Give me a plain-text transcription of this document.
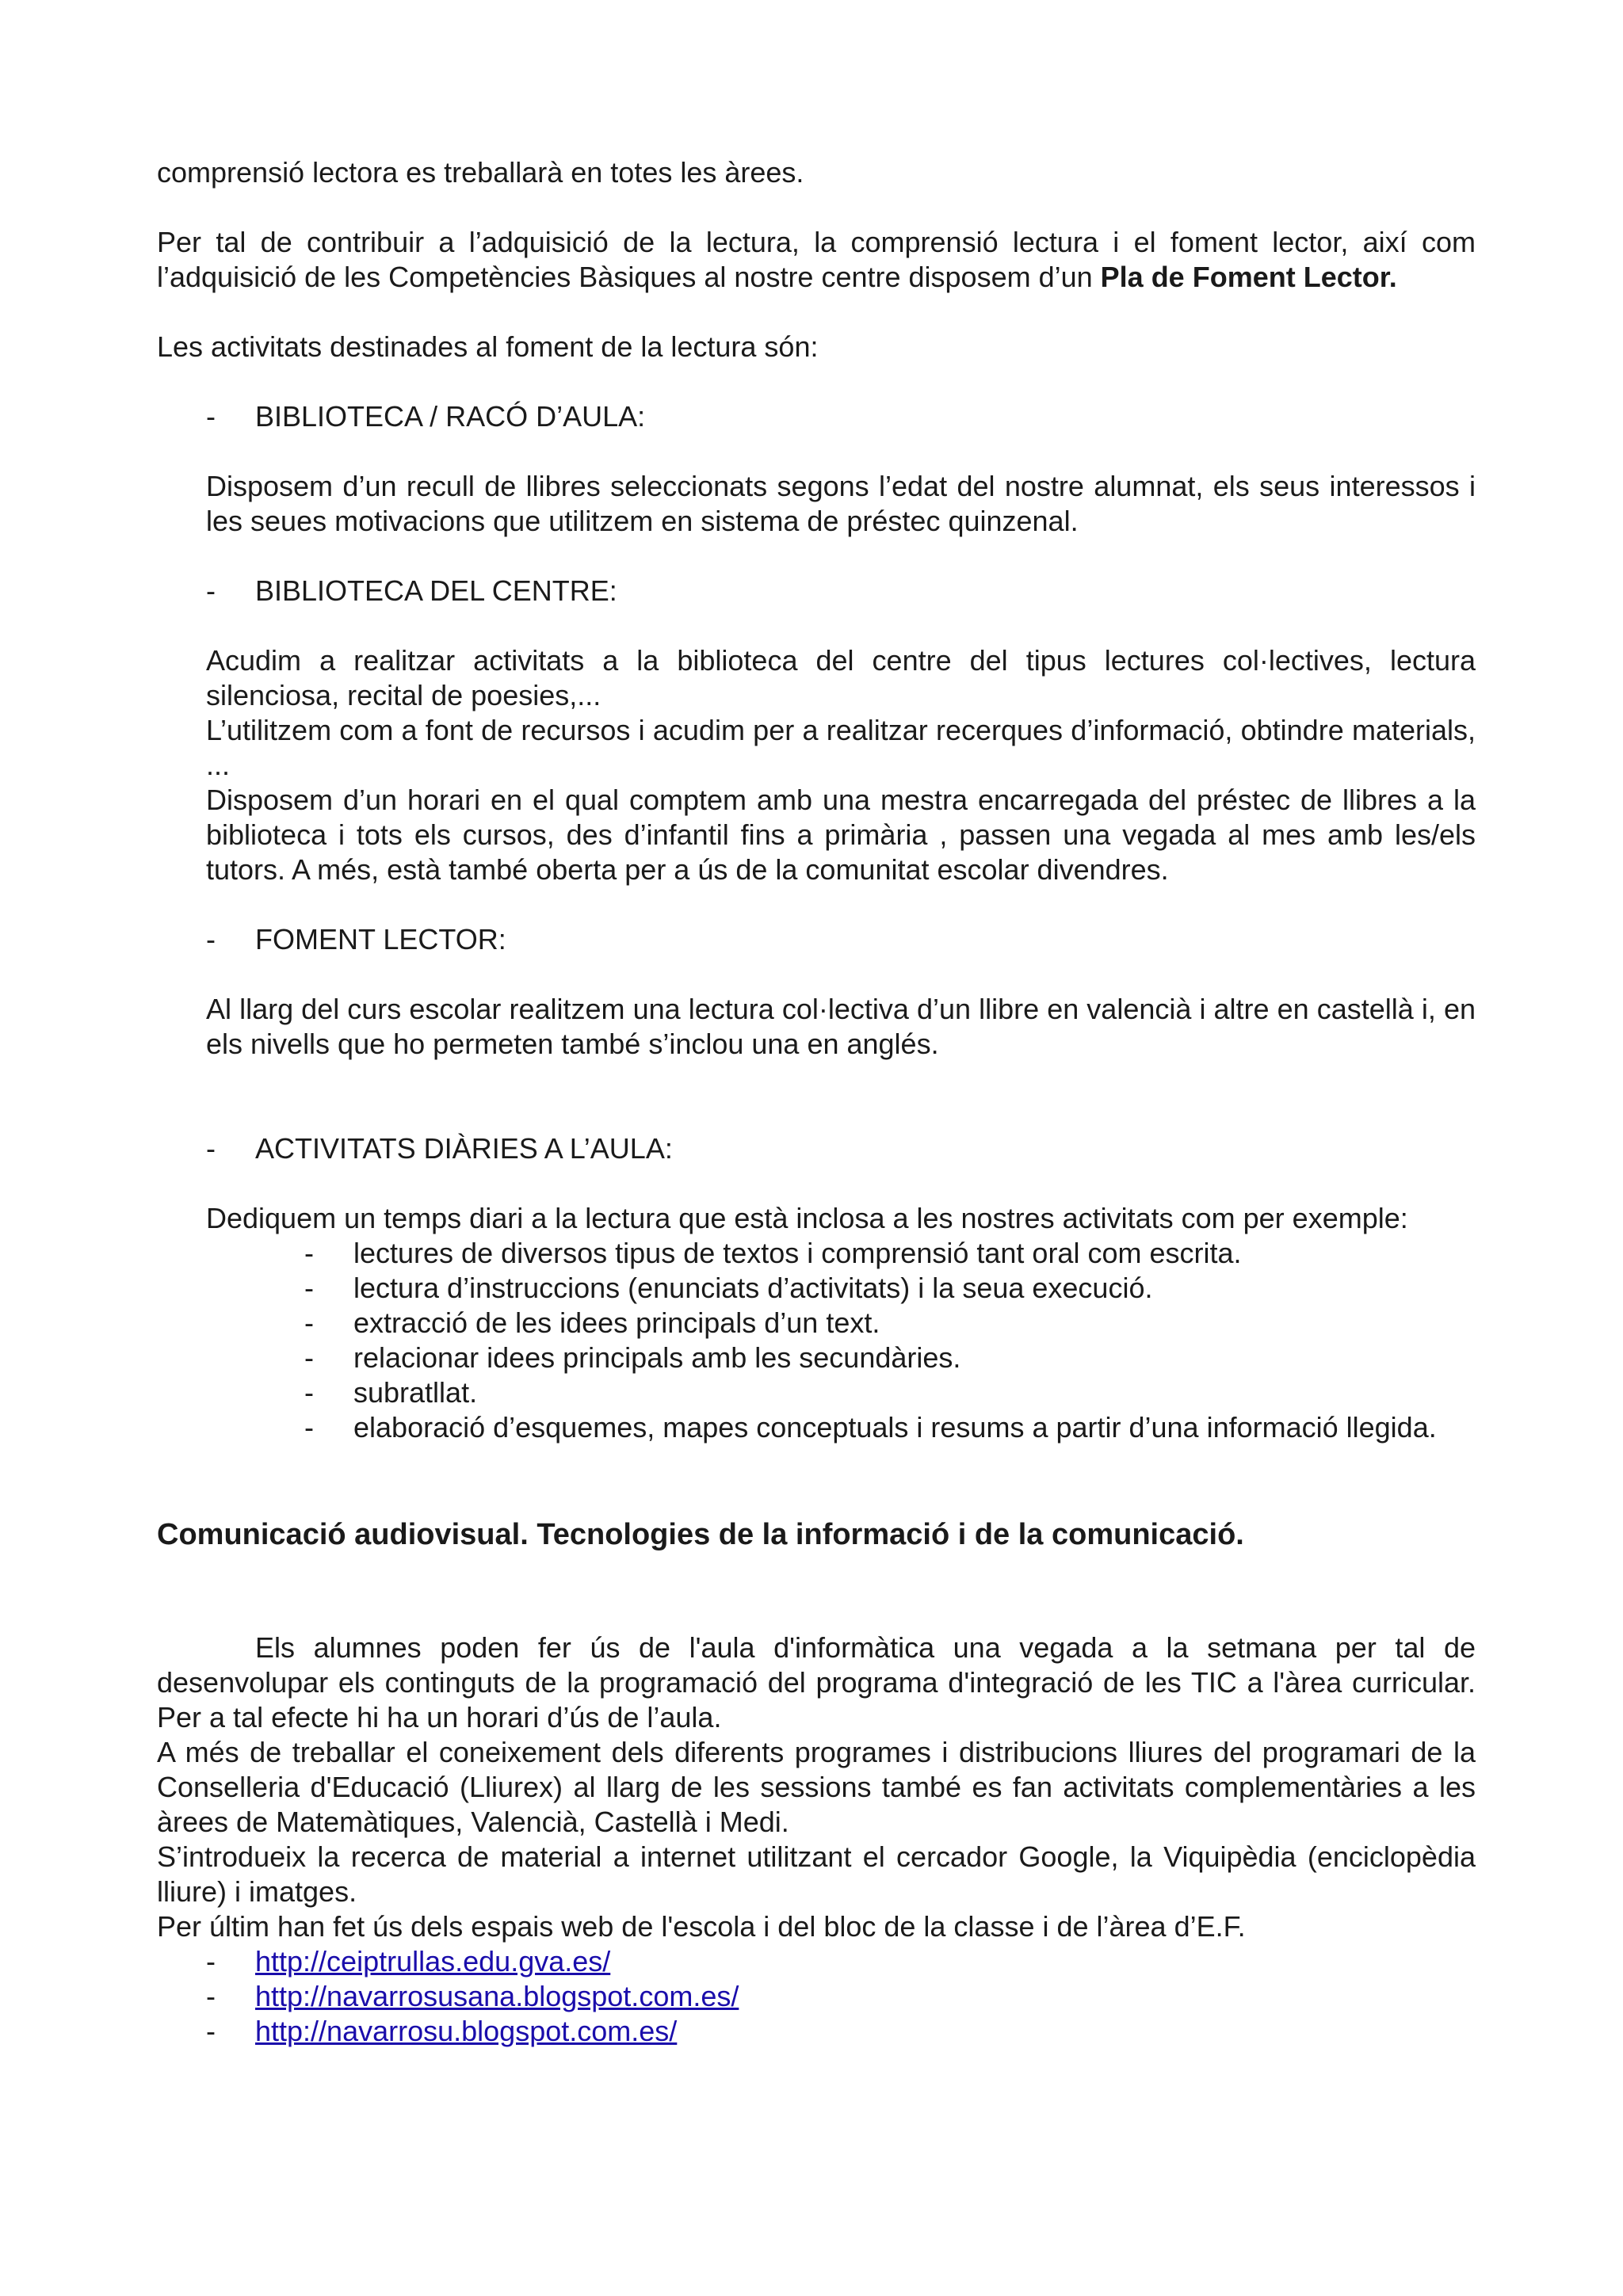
comprensió lectora es treballarà en totes les àrees.

Per tal de contribuir a l’adquisició de la lectura, la comprensió lectura i el foment lector, així com l’adquisició de les Competències Bàsiques al nostre centre disposem d’un Pla de Foment Lector.

Les activitats destinades al foment de la lectura són:

- BIBLIOTECA / RACÓ D’AULA:

Disposem d’un recull de llibres seleccionats segons l’edat del nostre alumnat, els seus interessos i les seues motivacions que utilitzem en sistema de préstec quinzenal.

- BIBLIOTECA DEL CENTRE:

Acudim a realitzar activitats a la biblioteca del centre del tipus lectures col·lectives, lectura silenciosa, recital de poesies,...

L’utilitzem com a font de recursos i acudim per a realitzar recerques d’informació, obtindre materials, ...

Disposem d’un horari en el qual comptem amb una mestra encarregada del préstec de llibres a la biblioteca i tots els cursos, des d’infantil fins a primària , passen una vegada al mes amb les/els tutors. A més, està també oberta per a ús de la comunitat escolar divendres.

- FOMENT LECTOR:

Al llarg del curs escolar realitzem una lectura col·lectiva d’un llibre en valencià i altre en castellà i, en els nivells que ho permeten també s’inclou una en anglés.

- ACTIVITATS DIÀRIES A L’AULA:

Dediquem un temps diari a la lectura que està inclosa a les nostres activitats com per exemple:

- lectures de diversos tipus de textos i comprensió tant oral com escrita.

- lectura d’instruccions (enunciats d’activitats) i la seua execució.

- extracció de les idees principals d’un text.

- relacionar idees principals amb les secundàries.

- subratllat.

- elaboració d’esquemes, mapes conceptuals i resums a partir d’una informació llegida.

Comunicació audiovisual. Tecnologies de la informació i de la comunicació.

Els alumnes poden fer ús de l'aula d'informàtica una vegada a la setmana per tal de desenvolupar els continguts de la programació del programa d'integració de les TIC a l'àrea curricular. Per a tal efecte hi ha un horari d’ús de l’aula.

A més de treballar el coneixement dels diferents programes i distribucions lliures del programari de la Conselleria d'Educació (Lliurex) al llarg de les sessions també es fan activitats complementàries a les àrees de Matemàtiques, Valencià, Castellà i Medi.

S’introdueix la recerca de material a internet utilitzant el cercador Google, la Viquipèdia (enciclopèdia lliure) i imatges.

Per últim han fet ús dels espais web de l'escola i del bloc de la classe i de l’àrea d’E.F.

- http://ceiptrullas.edu.gva.es/

- http://navarrosusana.blogspot.com.es/

- http://navarrosu.blogspot.com.es/
